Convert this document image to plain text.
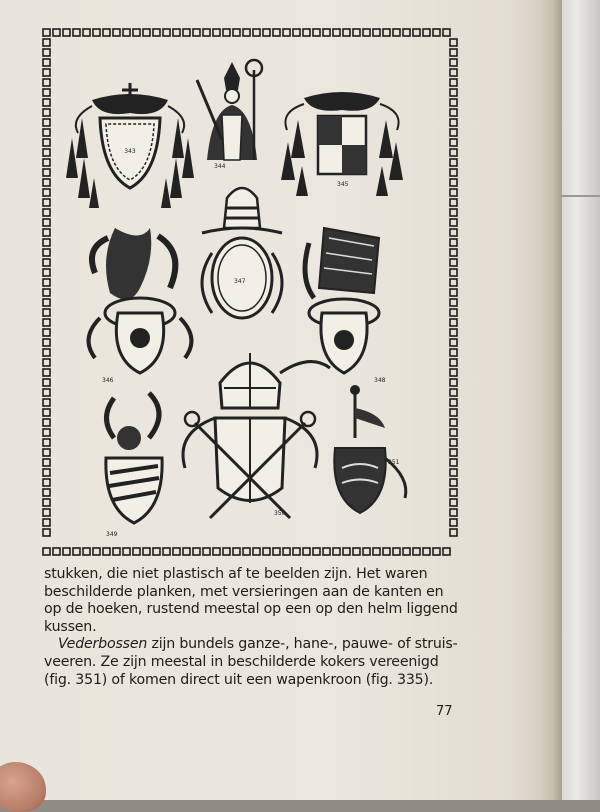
343
344
345
346
347
348
349
350
351

stukken, die niet plastisch af te beelden zijn. Het waren beschilderde planken, met versieringen aan de kanten en op de hoeken, rustend meestal op een op den helm liggend kussen.

Vederbossen zijn bundels ganze-, hane-, pauwe- of struis-veeren. Ze zijn meestal in beschilderde kokers vereenigd (fig. 351) of komen direct uit een wapenkroon (fig. 335).

77
